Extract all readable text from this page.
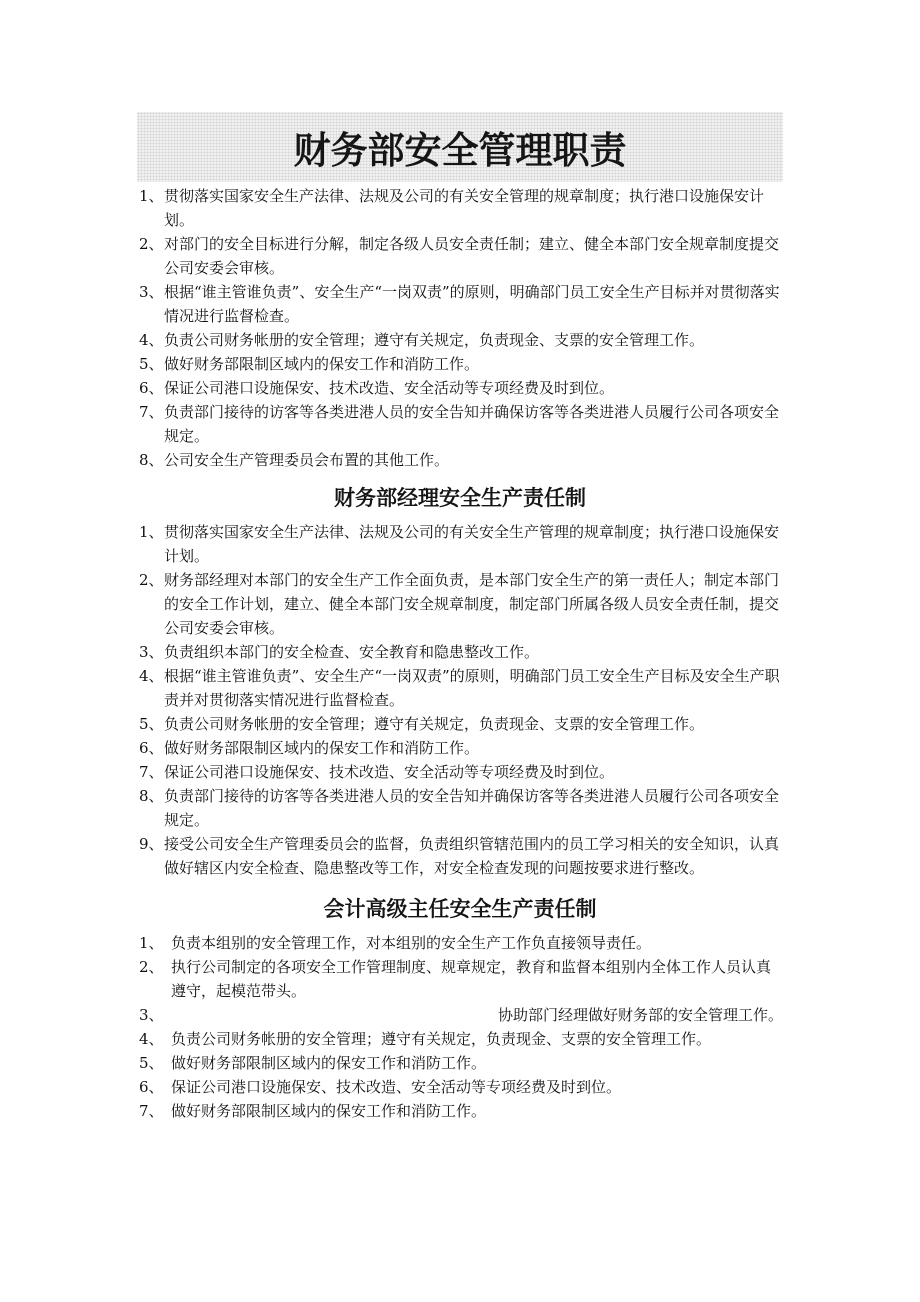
财务部安全管理职责
1、 贯彻落实国家安全生产法律、法规及公司的有关安全管理的规章制度；执行港口设施保安计划。
2、 对部门的安全目标进行分解，制定各级人员安全责任制；建立、健全本部门安全规章制度提交公司安委会审核。
3、 根据“谁主管谁负责”、安全生产“一岗双责”的原则，明确部门员工安全生产目标并对贯彻落实情况进行监督检查。
4、 负责公司财务帐册的安全管理；遵守有关规定，负责现金、支票的安全管理工作。
5、 做好财务部限制区域内的保安工作和消防工作。
6、 保证公司港口设施保安、技术改造、安全活动等专项经费及时到位。
7、 负责部门接待的访客等各类进港人员的安全告知并确保访客等各类进港人员履行公司各项安全规定。
8、 公司安全生产管理委员会布置的其他工作。
财务部经理安全生产责任制
1、 贯彻落实国家安全生产法律、法规及公司的有关安全生产管理的规章制度；执行港口设施保安计划。
2、 财务部经理对本部门的安全生产工作全面负责，是本部门安全生产的第一责任人；制定本部门的安全工作计划，建立、健全本部门安全规章制度，制定部门所属各级人员安全责任制，提交公司安委会审核。
3、 负责组织本部门的安全检查、安全教育和隐患整改工作。
4、 根据“谁主管谁负责”、安全生产“一岗双责”的原则，明确部门员工安全生产目标及安全生产职责并对贯彻落实情况进行监督检查。
5、 负责公司财务帐册的安全管理；遵守有关规定，负责现金、支票的安全管理工作。
6、 做好财务部限制区域内的保安工作和消防工作。
7、 保证公司港口设施保安、技术改造、安全活动等专项经费及时到位。
8、 负责部门接待的访客等各类进港人员的安全告知并确保访客等各类进港人员履行公司各项安全规定。
9、 接受公司安全生产管理委员会的监督，负责组织管辖范围内的员工学习相关的安全知识，认真做好辖区内安全检查、隐患整改等工作，对安全检查发现的问题按要求进行整改。
会计高级主任安全生产责任制
1、 负责本组别的安全管理工作，对本组别的安全生产工作负直接领导责任。
2、 执行公司制定的各项安全工作管理制度、规章规定，教育和监督本组别内全体工作人员认真遵守，起模范带头。
3、	协助部门经理做好财务部的安全管理工作。
4、 负责公司财务帐册的安全管理；遵守有关规定，负责现金、支票的安全管理工作。
5、 做好财务部限制区域内的保安工作和消防工作。
6、 保证公司港口设施保安、技术改造、安全活动等专项经费及时到位。
7、 做好财务部限制区域内的保安工作和消防工作。
